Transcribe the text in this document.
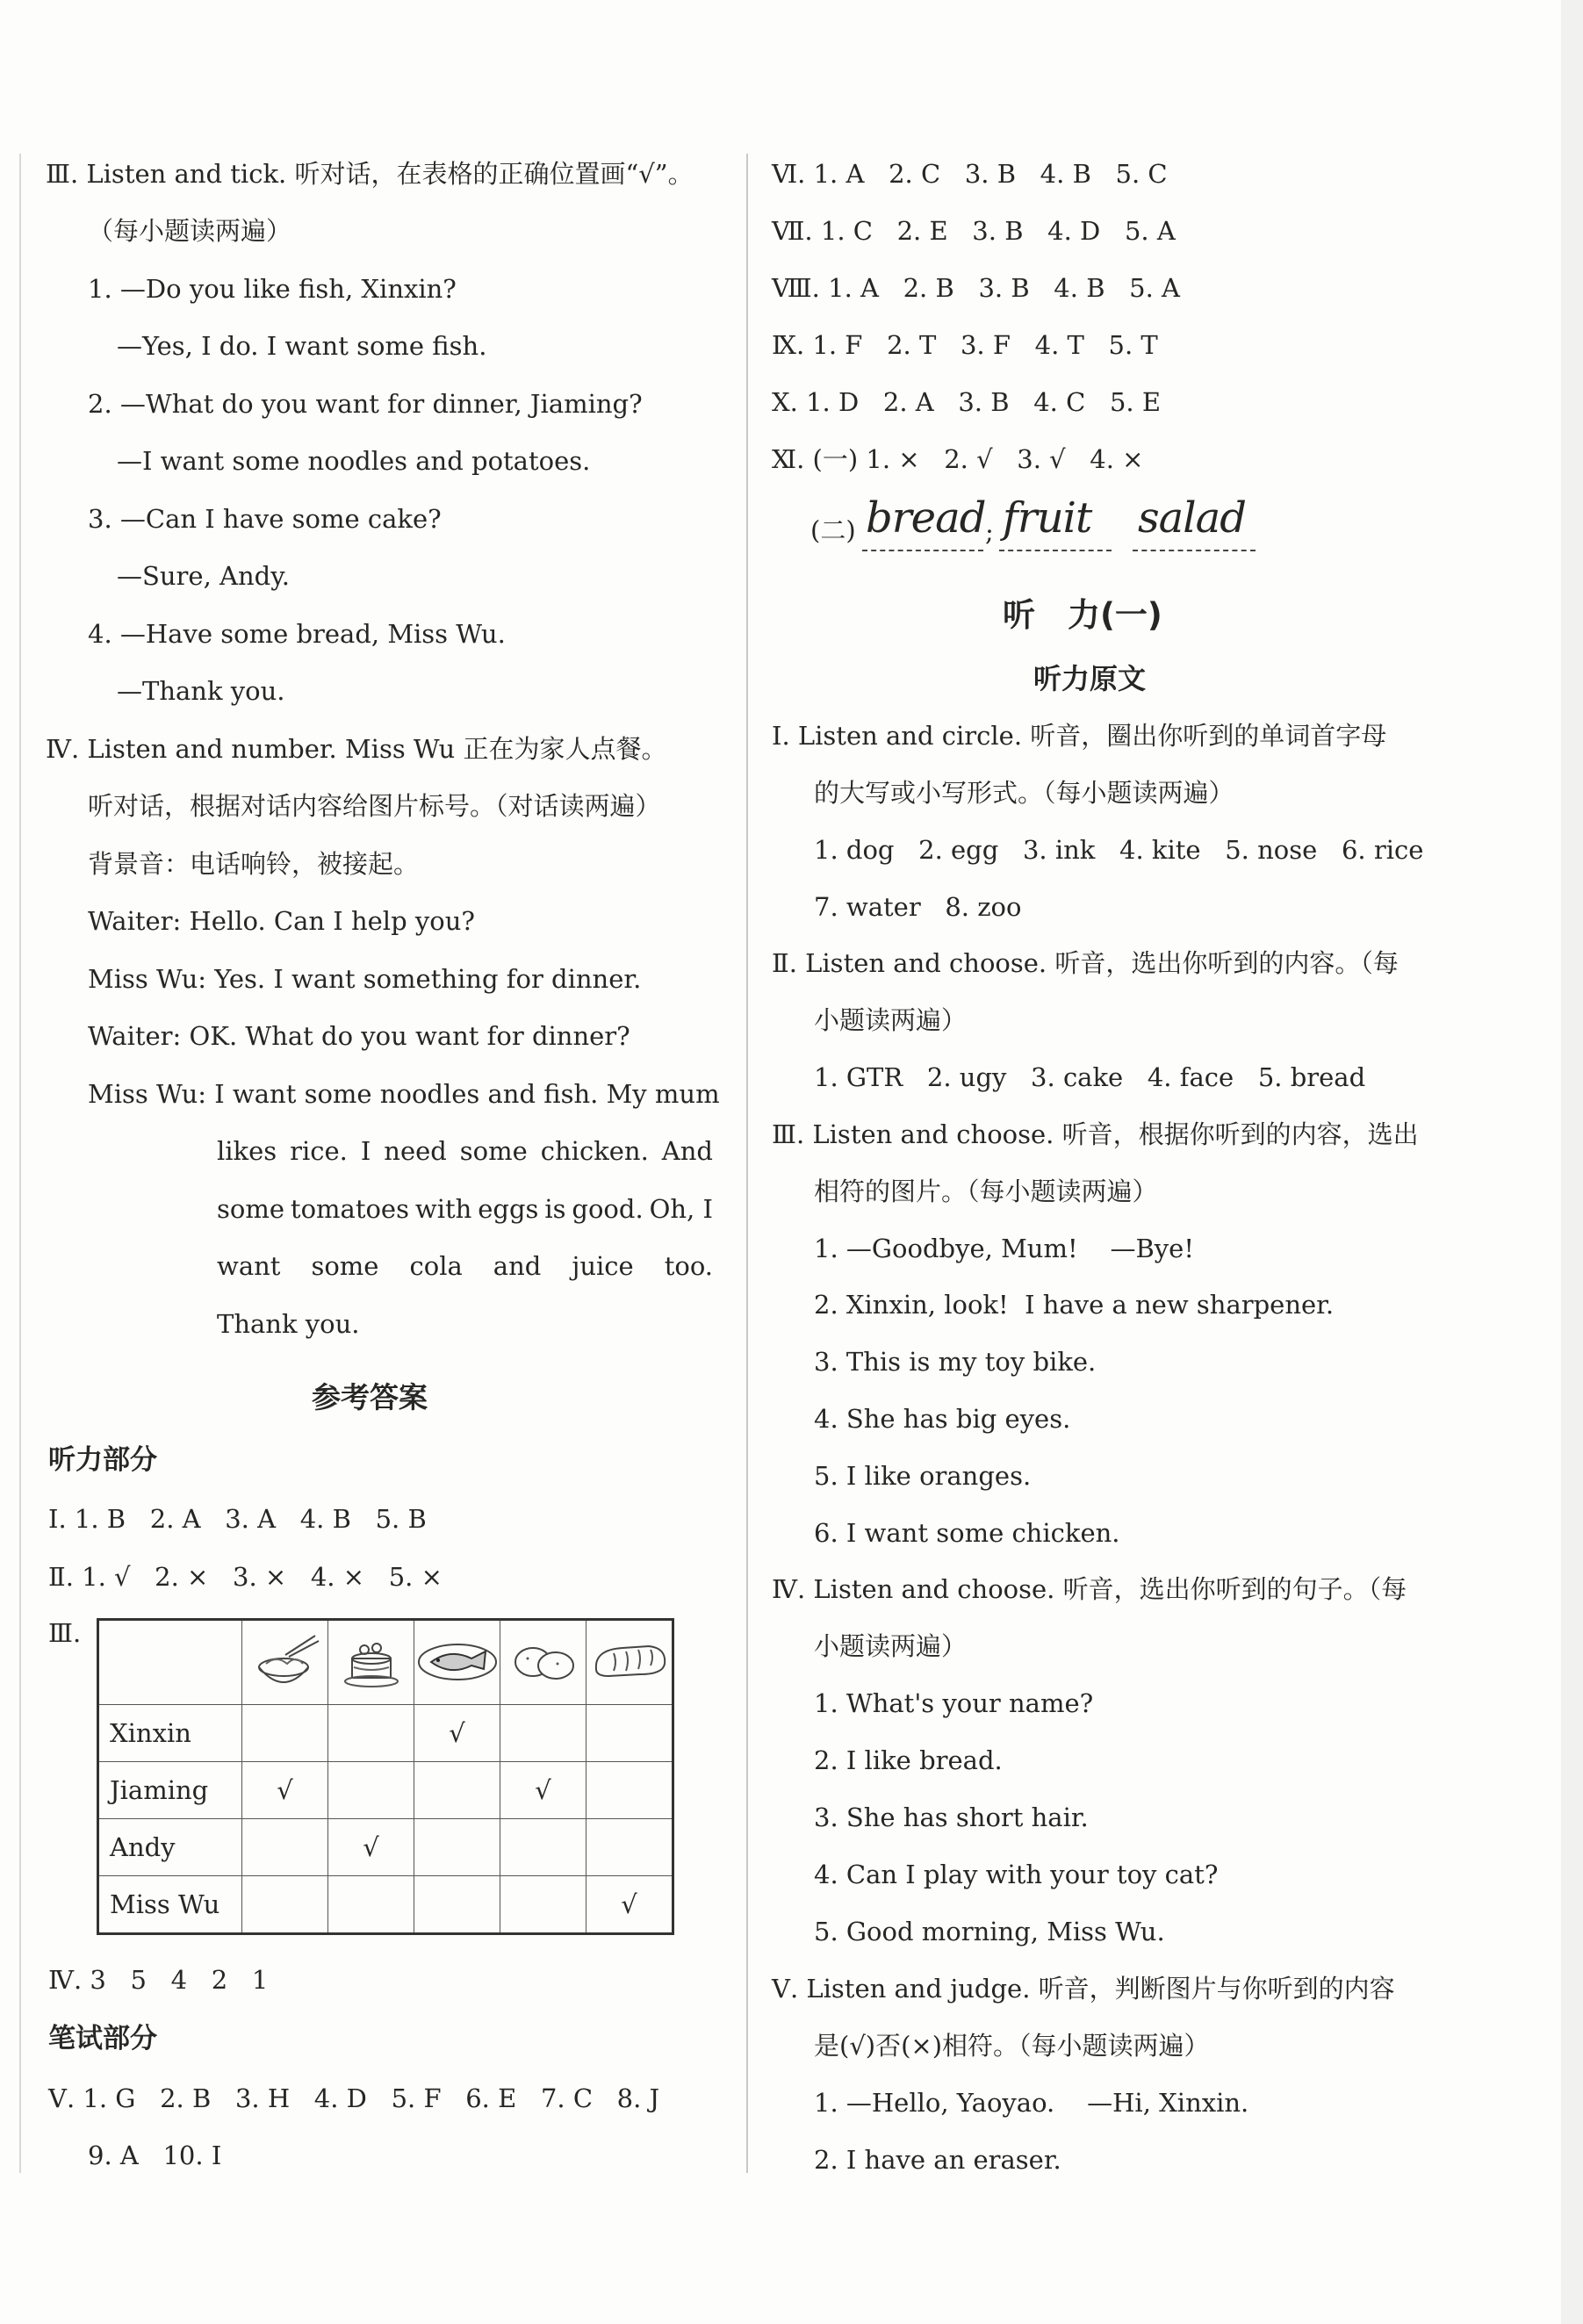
Ⅲ. Listen and tick. 听对话，在表格的正确位置画“√”。
（每小题读两遍）
1. —Do you like fish, Xinxin?
—Yes, I do. I want some fish.
2. —What do you want for dinner, Jiaming?
—I want some noodles and potatoes.
3. —Can I have some cake?
—Sure, Andy.
4. —Have some bread, Miss Wu.
—Thank you.
Ⅳ. Listen and number. Miss Wu 正在为家人点餐。
听对话，根据对话内容给图片标号。（对话读两遍）
背景音：电话响铃，被接起。
Waiter: Hello. Can I help you?
Miss Wu: Yes. I want something for dinner.
Waiter: OK. What do you want for dinner?
Miss Wu: I want some noodles and fish. My mum
likes rice. I need some chicken. And
some tomatoes with eggs is good. Oh, I
want some cola and juice too.
Thank you.
参考答案
听力部分
Ⅰ. 1. B   2. A   3. A   4. B   5. B
Ⅱ. 1. √   2. ×   3. ×   4. ×   5. ×
Ⅲ.

Xinxin			√		
Jiaming	√			√	
Andy		√			
Miss Wu					√
Ⅳ. 3   5   4   2   1
笔试部分
Ⅴ. 1. G   2. B   3. H   4. D   5. F   6. E   7. C   8. J
9. A   10. I
Ⅵ. 1. A   2. C   3. B   4. B   5. C
Ⅶ. 1. C   2. E   3. B   4. D   5. A
Ⅷ. 1. A   2. B   3. B   4. B   5. A
Ⅸ. 1. F   2. T   3. F   4. T   5. T
Ⅹ. 1. D   2. A   3. B   4. C   5. E
Ⅺ. (一) 1. ×   2. √   3. √   4. ×
(二) bread ; fruit salad
听　力(一)
听力原文
Ⅰ. Listen and circle. 听音，圈出你听到的单词首字母
的大写或小写形式。（每小题读两遍）
1. dog   2. egg   3. ink   4. kite   5. nose   6. rice
7. water   8. zoo
Ⅱ. Listen and choose. 听音，选出你听到的内容。（每
小题读两遍）
1. GTR   2. ugy   3. cake   4. face   5. bread
Ⅲ. Listen and choose. 听音，根据你听到的内容，选出
相符的图片。（每小题读两遍）
1. —Goodbye, Mum!    —Bye!
2. Xinxin, look!  I have a new sharpener.
3. This is my toy bike.
4. She has big eyes.
5. I like oranges.
6. I want some chicken.
Ⅳ. Listen and choose. 听音，选出你听到的句子。（每
小题读两遍）
1. What's your name?
2. I like bread.
3. She has short hair.
4. Can I play with your toy cat?
5. Good morning, Miss Wu.
Ⅴ. Listen and judge. 听音，判断图片与你听到的内容
是(√)否(×)相符。（每小题读两遍）
1. —Hello, Yaoyao.    —Hi, Xinxin.
2. I have an eraser.
